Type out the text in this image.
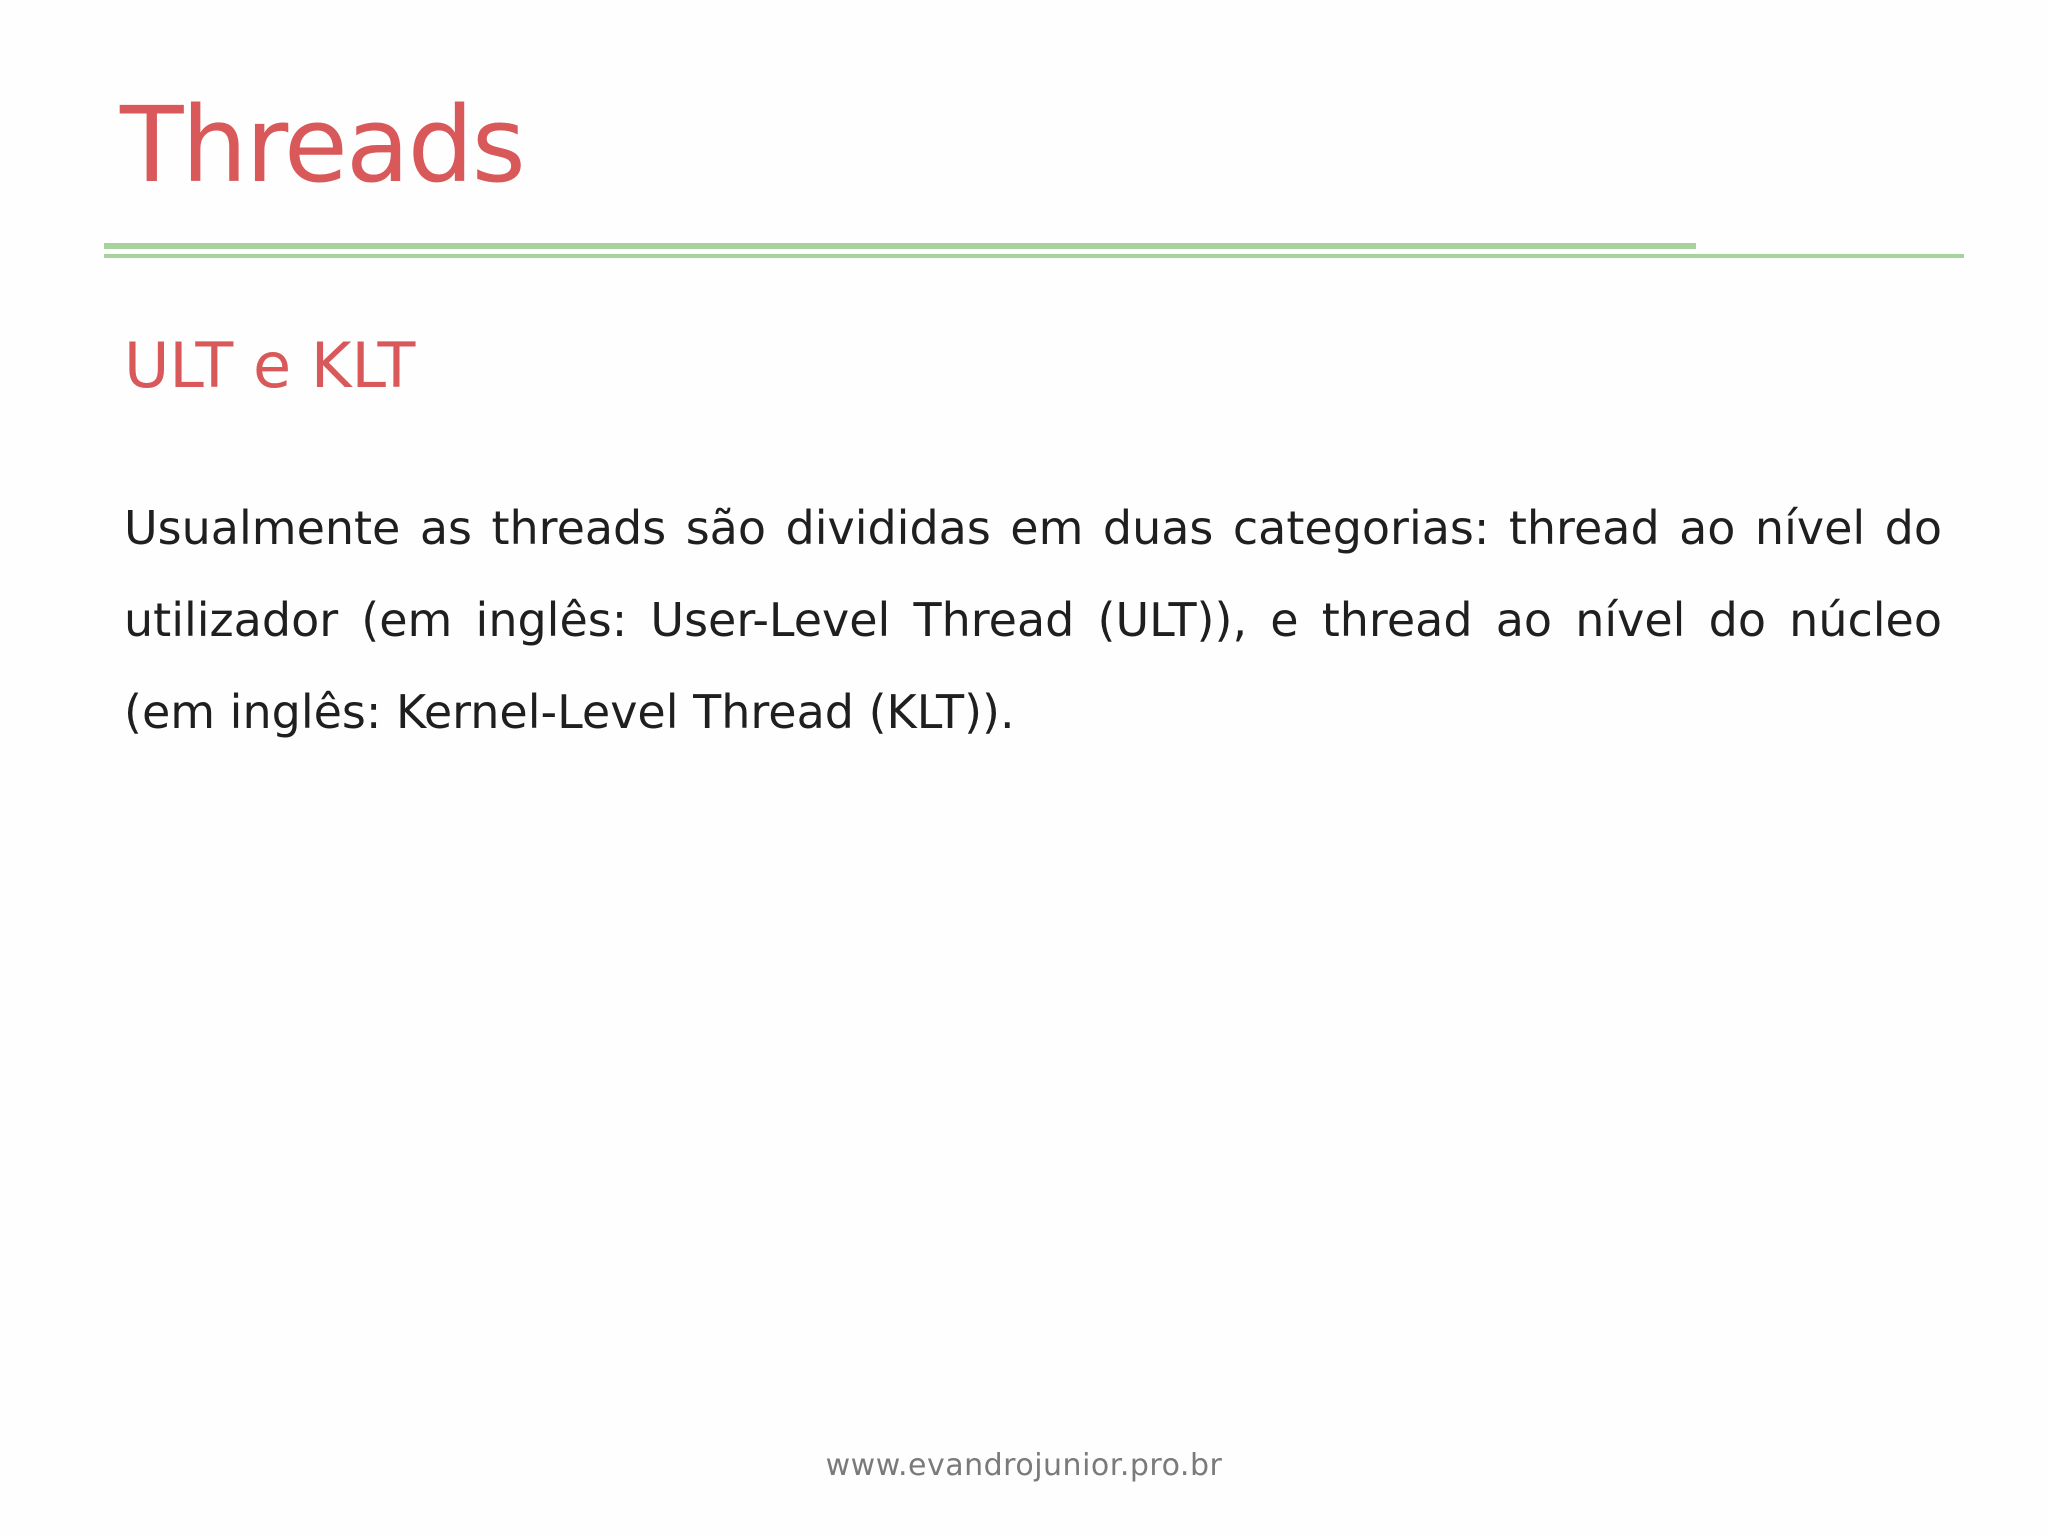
Threads
ULT e KLT

Usualmente as threads são divididas em duas categorias: thread ao nível do utilizador (em inglês: User-Level Thread (ULT)), e thread ao nível do núcleo (em inglês: Kernel-Level Thread (KLT)).

www.evandrojunior.pro.br
